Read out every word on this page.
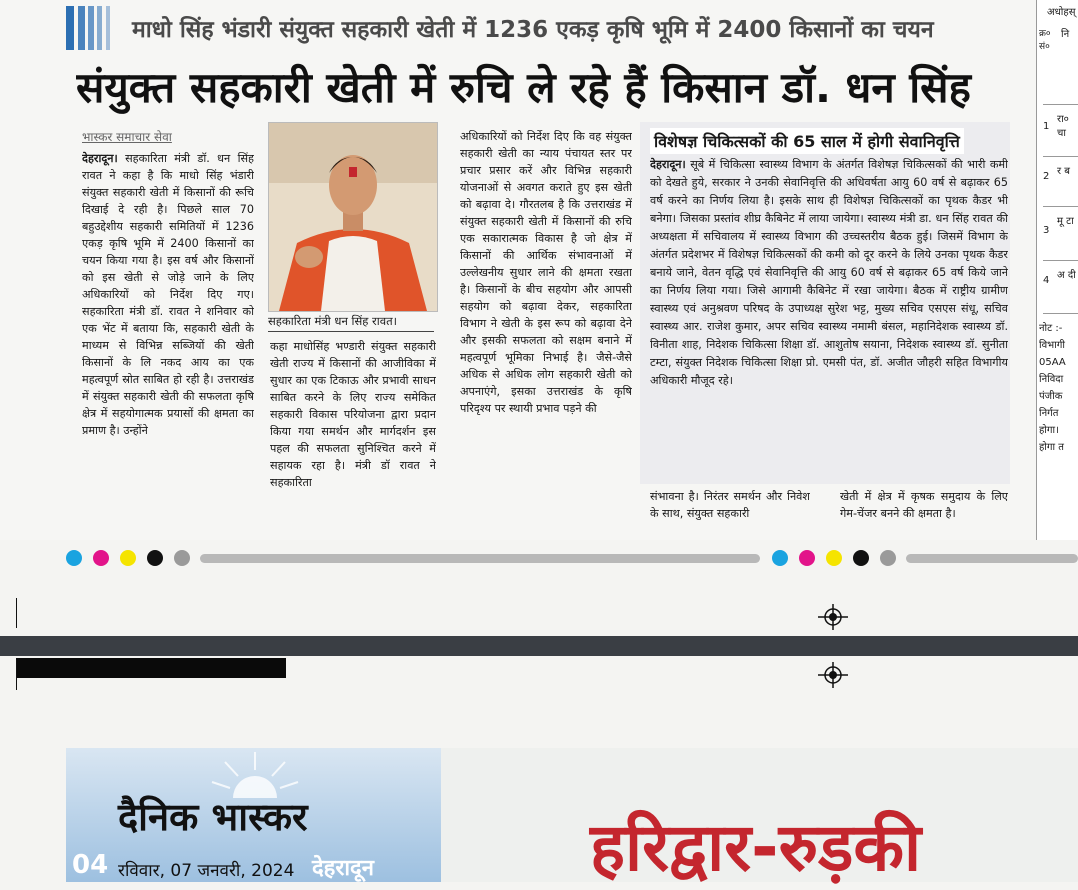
माधो सिंह भंडारी संयुक्त सहकारी खेती में 1236 एकड़ कृषि भूमि में 2400 किसानों का चयन
संयुक्त सहकारी खेती में रुचि ले रहे हैं किसान डॉ. धन सिंह
भास्कर समाचार सेवा
देहरादून। सहकारिता मंत्री डॉ. धन सिंह रावत ने कहा है कि माधो सिंह भंडारी संयुक्त सहकारी खेती में किसानों की रूचि दिखाई दे रही है। पिछले साल 70 बहुउद्देशीय सहकारी समितियों में 1236 एकड़ कृषि भूमि में 2400 किसानों का चयन किया गया है। इस वर्ष और किसानों को इस खेती से जोड़े जाने के लिए अधिकारियों को निर्देश दिए गए। सहकारिता मंत्री डॉ. रावत ने शनिवार को एक भेंट में बताया कि, सहकारी खेती के माध्यम से विभिन्न सब्जियों की खेती किसानों के लि नकद आय का एक महत्वपूर्ण स्रोत साबित हो रही है। उत्तराखंड में संयुक्त सहकारी खेती की सफलता कृषि क्षेत्र में सहयोगात्मक प्रयासों की क्षमता का प्रमाण है। उन्होंने
सहकारिता मंत्री धन सिंह रावत।
कहा माधोसिंह भण्डारी संयुक्त सहकारी खेती राज्य में किसानों की आजीविका में सुधार का एक टिकाऊ और प्रभावी साधन साबित करने के लिए राज्य समेकित सहकारी विकास परियोजना द्वारा प्रदान किया गया समर्थन और मार्गदर्शन इस पहल की सफलता सुनिश्चित करने में सहायक रहा है। मंत्री डॉ रावत ने सहकारिता
अधिकारियों को निर्देश दिए कि वह संयुक्त सहकारी खेती का न्याय पंचायत स्तर पर प्रचार प्रसार करें और विभिन्न सहकारी योजनाओं से अवगत कराते हुए इस खेती को बढ़ावा दे। गौरतलब है कि उत्तराखंड में संयुक्त सहकारी खेती में किसानों की रुचि एक सकारात्मक विकास है जो क्षेत्र में किसानों की आर्थिक संभावनाओं में उल्लेखनीय सुधार लाने की क्षमता रखता है। किसानों के बीच सहयोग और आपसी सहयोग को बढ़ावा देकर, सहकारिता विभाग ने खेती के इस रूप को बढ़ावा देने और इसकी सफलता को सक्षम बनाने में महत्वपूर्ण भूमिका निभाई है। जैसे-जैसे अधिक से अधिक लोग सहकारी खेती को अपनाएंगे, इसका उत्तराखंड के कृषि परिदृश्य पर स्थायी प्रभाव पड़ने की
विशेषज्ञ चिकित्सकों की 65 साल में होगी सेवानिवृत्ति
देहरादून। सूबे में चिकित्सा स्वास्थ्य विभाग के अंतर्गत विशेषज्ञ चिकित्सकों की भारी कमी को देखते हुये, सरकार ने उनकी सेवानिवृत्ति की अधिवर्षता आयु 60 वर्ष से बढ़ाकर 65 वर्ष करने का निर्णय लिया है। इसके साथ ही विशेषज्ञ चिकित्सकों का पृथक कैडर भी बनेगा। जिसका प्रस्तांव शीघ्र कैबिनेट में लाया जायेगा। स्वास्थ्य मंत्री डा. धन सिंह रावत की अध्यक्षता में सचिवालय में स्वास्थ्य विभाग की उच्चस्तरीय बैठक हुई। जिसमें विभाग के अंतर्गत प्रदेशभर में विशेषज्ञ चिकित्सकों की कमी को दूर करने के लिये उनका पृथक कैडर बनाये जाने, वेतन वृद्धि एवं सेवानिवृत्ति की आयु 60 वर्ष से बढ़ाकर 65 वर्ष किये जाने का निर्णय लिया गया। जिसे आगामी कैबिनेट में रखा जायेगा। बैठक में राष्ट्रीय ग्रामीण स्वास्थ्य एवं अनुश्रवण परिषद के उपाध्यक्ष सुरेश भट्ट, मुख्य सचिव एसएस संधू, सचिव स्वास्थ्य आर. राजेश कुमार, अपर सचिव स्वास्थ्य नमामी बंसल, महानिदेशक स्वास्थ्य डॉ. विनीता शाह, निदेशक चिकित्सा शिक्षा डॉ. आशुतोष सयाना, निदेशक स्वास्थ्य डॉ. सुनीता टम्टा, संयुक्त निदेशक चिकित्सा शिक्षा प्रो. एमसी पंत, डॉ. अजीत जौहरी सहित विभागीय अधिकारी मौजूद रहे।
संभावना है। निरंतर समर्थन और निवेश के साथ, संयुक्त सहकारी
खेती में क्षेत्र में कृषक समुदाय के लिए गेम-चेंजर बनने की क्षमता है।
अधोहस्
क्र० सं०
नि
1
रा० चा
2 र ब
3
मू टा
4 अ दी
नोट :- विभागी 05AA निविदा पंजीक निर्गत होगा। होगा त
दैनिक भास्कर
04 रविवार, 07 जनवरी, 2024 देहरादून	हरिद्वार-रुड़की
